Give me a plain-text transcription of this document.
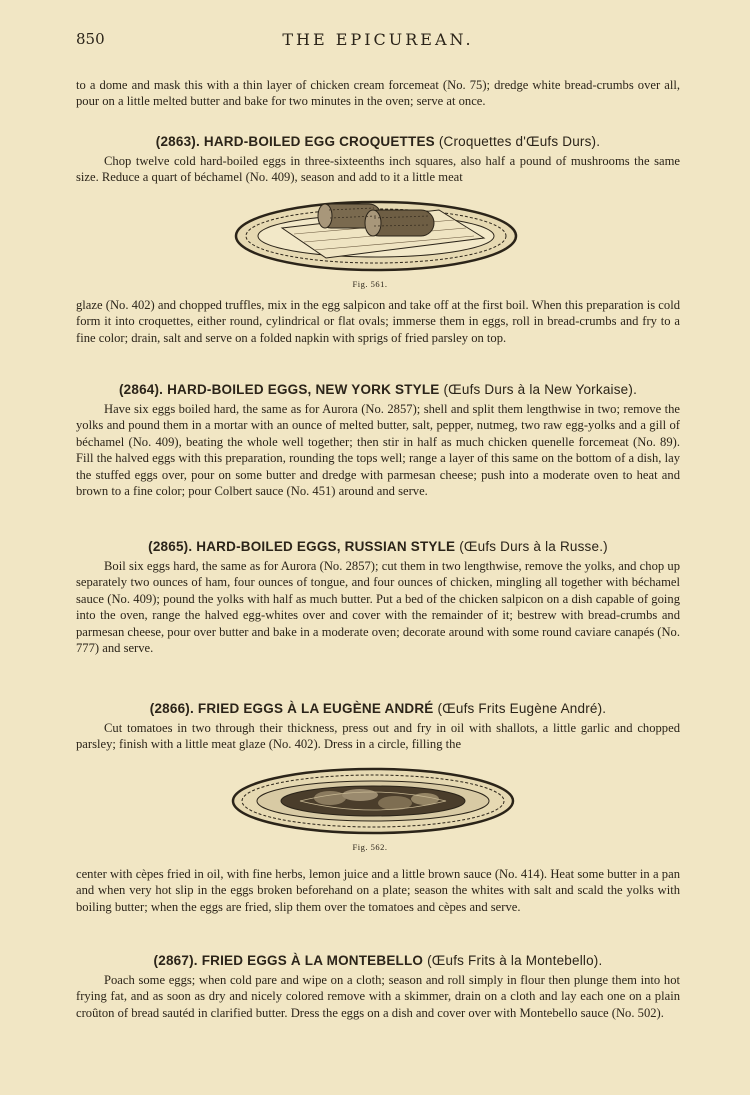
850	THE EPICUREAN.

to a dome and mask this with a thin layer of chicken cream forcemeat (No. 75); dredge white bread-crumbs over all, pour on a little melted butter and bake for two minutes in the oven; serve at once.

(2863). HARD-BOILED EGG CROQUETTES (Croquettes d'Œufs Durs).

Chop twelve cold hard-boiled eggs in three-sixteenths inch squares, also half a pound of mushrooms the same size. Reduce a quart of béchamel (No. 409), season and add to it a little meat

Fig. 561.

glaze (No. 402) and chopped truffles, mix in the egg salpicon and take off at the first boil. When this preparation is cold form it into croquettes, either round, cylindrical or flat ovals; immerse them in eggs, roll in bread-crumbs and fry to a fine color; drain, salt and serve on a folded napkin with sprigs of fried parsley on top.

(2864). HARD-BOILED EGGS, NEW YORK STYLE (Œufs Durs à la New Yorkaise).

Have six eggs boiled hard, the same as for Aurora (No. 2857); shell and split them lengthwise in two; remove the yolks and pound them in a mortar with an ounce of melted butter, salt, pepper, nutmeg, two raw egg-yolks and a gill of béchamel (No. 409), beating the whole well together; then stir in half as much chicken quenelle forcemeat (No. 89). Fill the halved eggs with this preparation, rounding the tops well; range a layer of this same on the bottom of a dish, lay the stuffed eggs over, pour on some butter and dredge with parmesan cheese; push into a moderate oven to heat and brown to a fine color; pour Colbert sauce (No. 451) around and serve.

(2865). HARD-BOILED EGGS, RUSSIAN STYLE (Œufs Durs à la Russe.)

Boil six eggs hard, the same as for Aurora (No. 2857); cut them in two lengthwise, remove the yolks, and chop up separately two ounces of ham, four ounces of tongue, and four ounces of chicken, mingling all together with béchamel sauce (No. 409); pound the yolks with half as much butter. Put a bed of the chicken salpicon on a dish capable of going into the oven, range the halved egg-whites over and cover with the remainder of it; bestrew with bread-crumbs and parmesan cheese, pour over butter and bake in a moderate oven; decorate around with some round caviare canapés (No. 777) and serve.

(2866). FRIED EGGS À LA EUGÈNE ANDRÉ (Œufs Frits Eugène André).

Cut tomatoes in two through their thickness, press out and fry in oil with shallots, a little garlic and chopped parsley; finish with a little meat glaze (No. 402). Dress in a circle, filling the

Fig. 562.

center with cèpes fried in oil, with fine herbs, lemon juice and a little brown sauce (No. 414). Heat some butter in a pan and when very hot slip in the eggs broken beforehand on a plate; season the whites with salt and scald the yolks with boiling butter; when the eggs are fried, slip them over the tomatoes and cèpes and serve.

(2867). FRIED EGGS À LA MONTEBELLO (Œufs Frits à la Montebello).

Poach some eggs; when cold pare and wipe on a cloth; season and roll simply in flour then plunge them into hot frying fat, and as soon as dry and nicely colored remove with a skimmer, drain on a cloth and lay each one on a plain croûton of bread sautéd in clarified butter. Dress the eggs on a dish and cover over with Montebello sauce (No. 502).
